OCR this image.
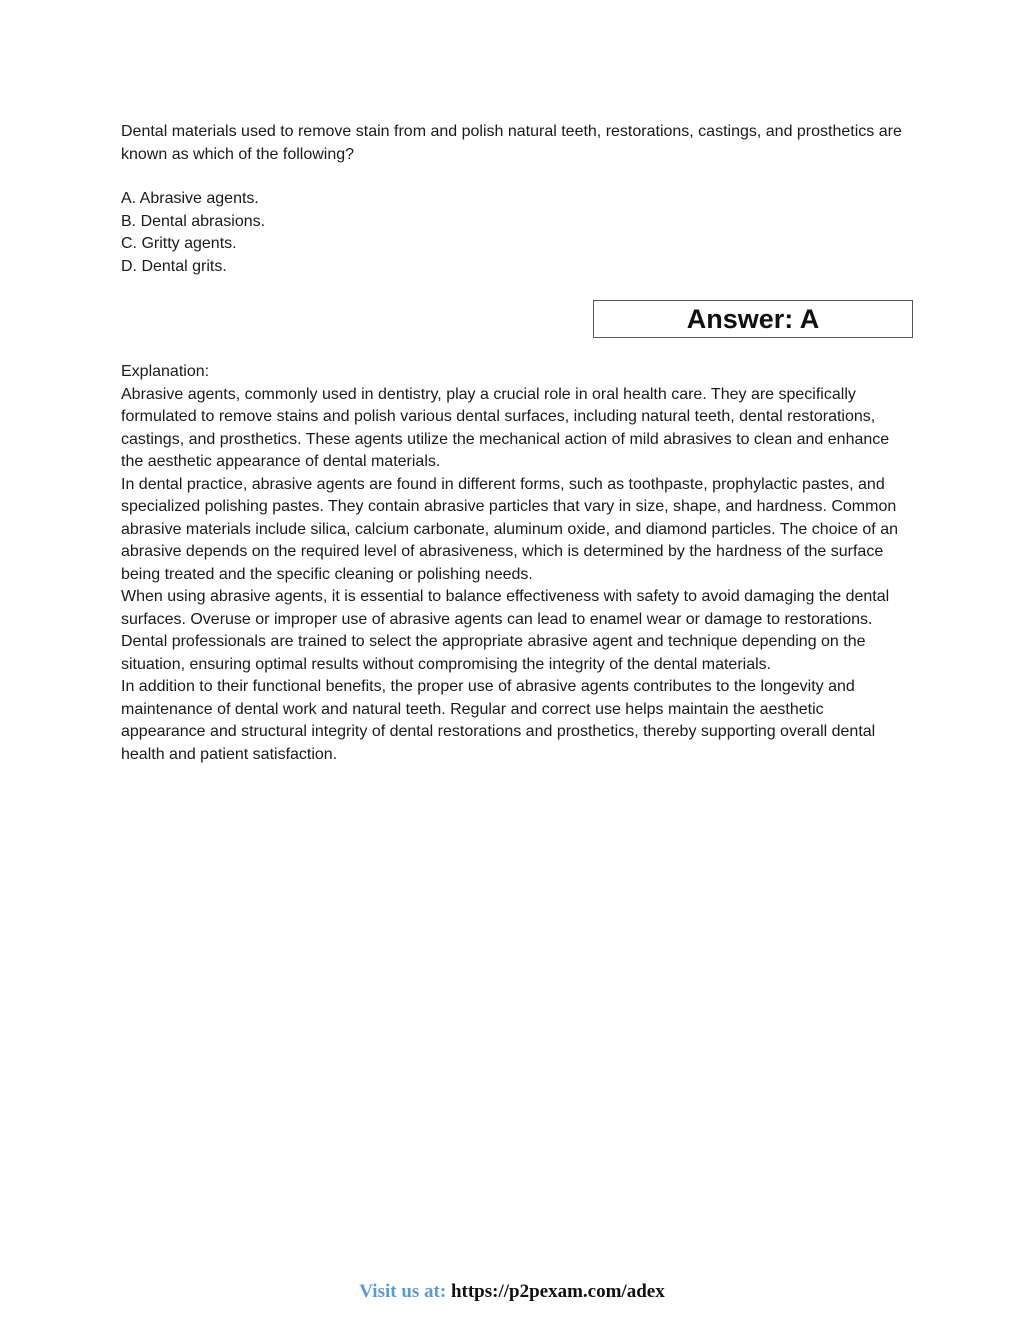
Dental materials used to remove stain from and polish natural teeth, restorations, castings, and prosthetics are known as which of the following?

A. Abrasive agents.
B. Dental abrasions.
C. Gritty agents.
D. Dental grits.
Answer: A

Explanation:

Abrasive agents, commonly used in dentistry, play a crucial role in oral health care. They are specifically formulated to remove stains and polish various dental surfaces, including natural teeth, dental restorations, castings, and prosthetics. These agents utilize the mechanical action of mild abrasives to clean and enhance the aesthetic appearance of dental materials.

In dental practice, abrasive agents are found in different forms, such as toothpaste, prophylactic pastes, and specialized polishing pastes. They contain abrasive particles that vary in size, shape, and hardness. Common abrasive materials include silica, calcium carbonate, aluminum oxide, and diamond particles. The choice of an abrasive depends on the required level of abrasiveness, which is determined by the hardness of the surface being treated and the specific cleaning or polishing needs.

When using abrasive agents, it is essential to balance effectiveness with safety to avoid damaging the dental surfaces. Overuse or improper use of abrasive agents can lead to enamel wear or damage to restorations. Dental professionals are trained to select the appropriate abrasive agent and technique depending on the situation, ensuring optimal results without compromising the integrity of the dental materials.

In addition to their functional benefits, the proper use of abrasive agents contributes to the longevity and maintenance of dental work and natural teeth. Regular and correct use helps maintain the aesthetic appearance and structural integrity of dental restorations and prosthetics, thereby supporting overall dental health and patient satisfaction.

Visit us at: https://p2pexam.com/adex
